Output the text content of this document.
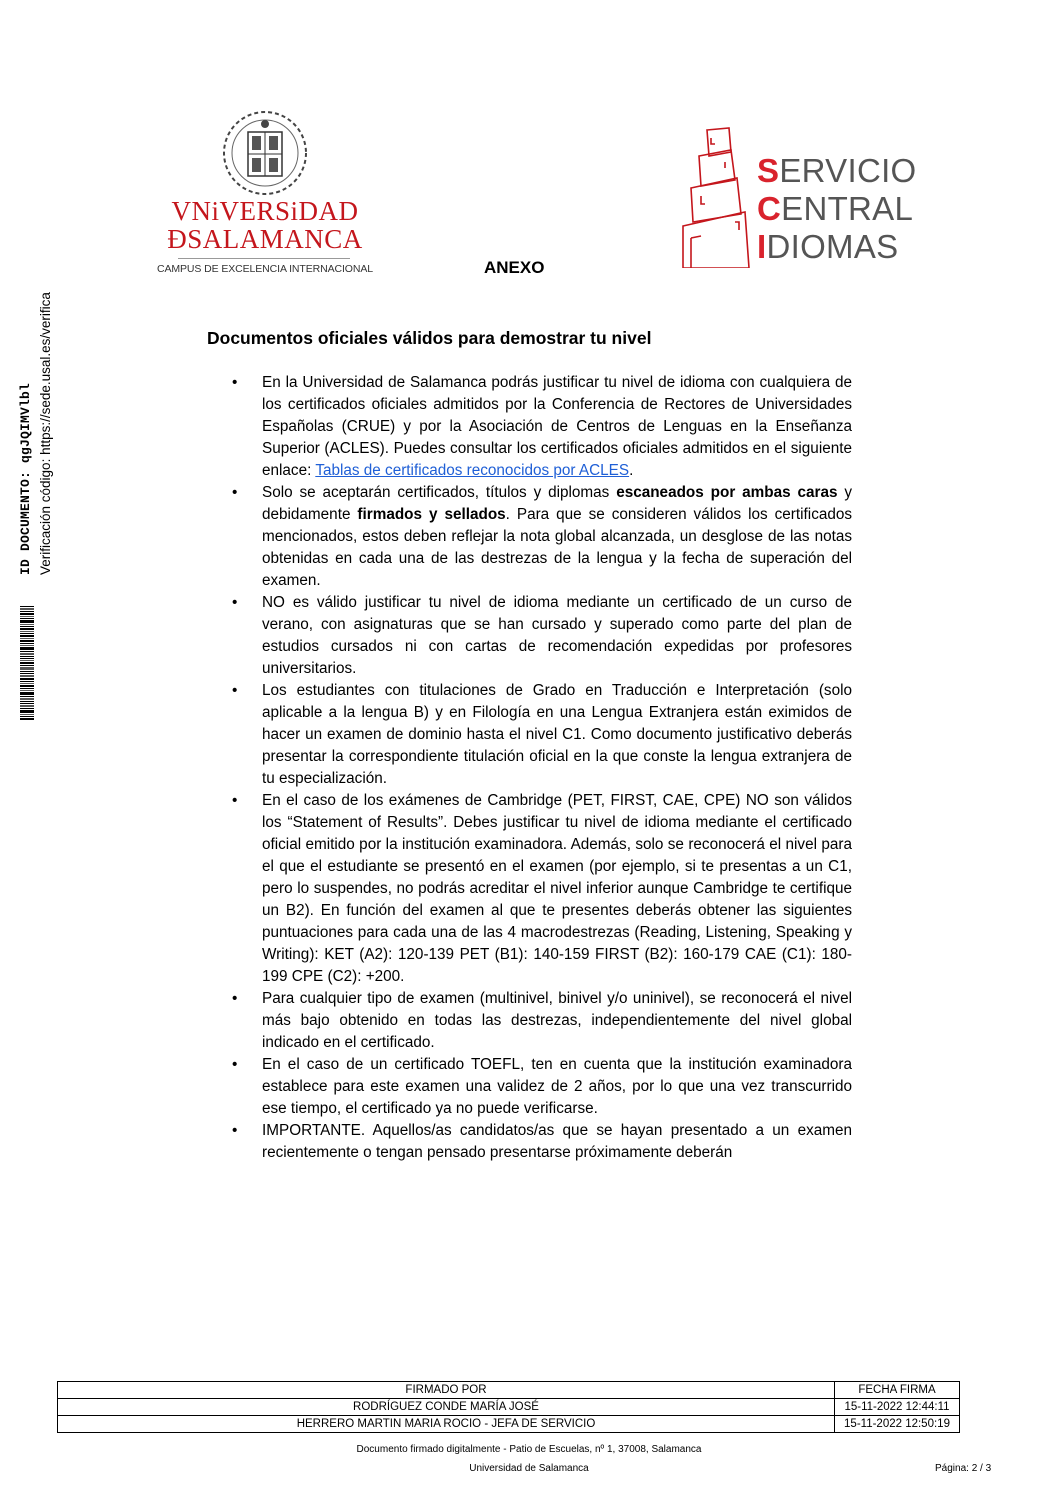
ID DOCUMENTO: qgJQIMVlbl Verificación código: https://sede.usal.es/verifica
VNiVERSiDAD
ÐSALAMANCA
CAMPUS DE EXCELENCIA INTERNACIONAL
SERVICIO
CENTRAL
IDIOMAS
ANEXO
Documentos oficiales válidos para demostrar tu nivel
• En la Universidad de Salamanca podrás justificar tu nivel de idioma con cualquiera de los certificados oficiales admitidos por la Conferencia de Rectores de Universidades Españolas (CRUE) y por la Asociación de Centros de Lenguas en la Enseñanza Superior (ACLES). Puedes consultar los certificados oficiales admitidos en el siguiente enlace: Tablas de certificados reconocidos por ACLES.
• Solo se aceptarán certificados, títulos y diplomas escaneados por ambas caras y debidamente firmados y sellados. Para que se consideren válidos los certificados mencionados, estos deben reflejar la nota global alcanzada, un desglose de las notas obtenidas en cada una de las destrezas de la lengua y la fecha de superación del examen.
• NO es válido justificar tu nivel de idioma mediante un certificado de un curso de verano, con asignaturas que se han cursado y superado como parte del plan de estudios cursados ni con cartas de recomendación expedidas por profesores universitarios.
• Los estudiantes con titulaciones de Grado en Traducción e Interpretación (solo aplicable a la lengua B) y en Filología en una Lengua Extranjera están eximidos de hacer un examen de dominio hasta el nivel C1. Como documento justificativo deberás presentar la correspondiente titulación oficial en la que conste la lengua extranjera de tu especialización.
• En el caso de los exámenes de Cambridge (PET, FIRST, CAE, CPE) NO son válidos los “Statement of Results”. Debes justificar tu nivel de idioma mediante el certificado oficial emitido por la institución examinadora. Además, solo se reconocerá el nivel para el que el estudiante se presentó en el examen (por ejemplo, si te presentas a un C1, pero lo suspendes, no podrás acreditar el nivel inferior aunque Cambridge te certifique un B2). En función del examen al que te presentes deberás obtener las siguientes puntuaciones para cada una de las 4 macrodestrezas (Reading, Listening, Speaking y Writing): KET (A2): 120-139 PET (B1): 140-159 FIRST (B2): 160-179 CAE (C1): 180-199 CPE (C2): +200.
• Para cualquier tipo de examen (multinivel, binivel y/o uninivel), se reconocerá el nivel más bajo obtenido en todas las destrezas, independientemente del nivel global indicado en el certificado.
• En el caso de un certificado TOEFL, ten en cuenta que la institución examinadora establece para este examen una validez de 2 años, por lo que una vez transcurrido ese tiempo, el certificado ya no puede verificarse.
• IMPORTANTE. Aquellos/as candidatos/as que se hayan presentado a un examen recientemente o tengan pensado presentarse próximamente deberán
FIRMADO POR	FECHA FIRMA
RODRÍGUEZ CONDE MARÍA JOSÉ	15-11-2022 12:44:11
HERRERO MARTIN MARIA ROCIO - JEFA DE SERVICIO	15-11-2022 12:50:19
Documento firmado digitalmente - Patio de Escuelas, nº 1, 37008, Salamanca
Universidad de Salamanca	Página: 2 / 3
